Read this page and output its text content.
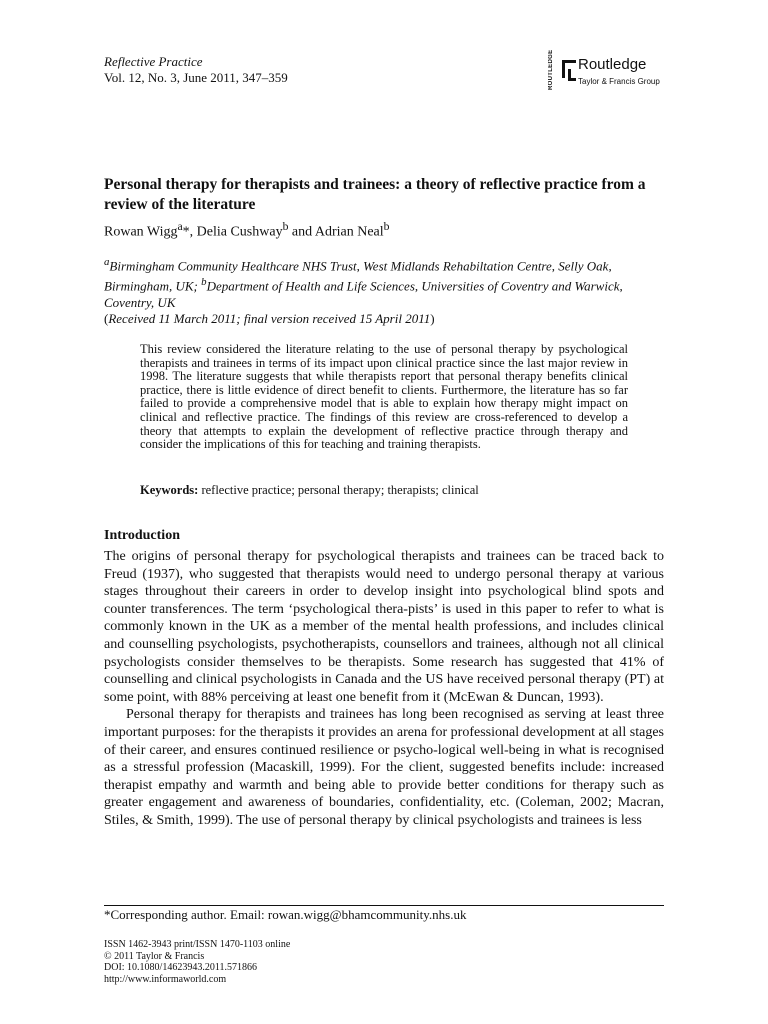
Reflective Practice
Vol. 12, No. 3, June 2011, 347–359	ROUTLEDGE	Routledge
Taylor & Francis Group
Personal therapy for therapists and trainees: a theory of reflective practice from a review of the literature
Rowan Wigg$^a$*, Delia Cushway$^b$ and Adrian Neal$^b$
$^a$Birmingham Community Healthcare NHS Trust, West Midlands Rehabiltation Centre, Selly Oak, Birmingham, UK; $^b$Department of Health and Life Sciences, Universities of Coventry and Warwick, Coventry, UK
(Received 11 March 2011; final version received 15 April 2011)
This review considered the literature relating to the use of personal therapy by psychological therapists and trainees in terms of its impact upon clinical practice since the last major review in 1998. The literature suggests that while therapists report that personal therapy benefits clinical practice, there is little evidence of direct benefit to clients. Furthermore, the literature has so far failed to provide a comprehensive model that is able to explain how therapy might impact on clinical and reflective practice. The findings of this review are cross-referenced to develop a theory that attempts to explain the development of reflective practice through therapy and consider the implications of this for teaching and training therapists.
Keywords: reflective practice; personal therapy; therapists; clinical
Introduction

The origins of personal therapy for psychological therapists and trainees can be traced back to Freud (1937), who suggested that therapists would need to undergo personal therapy at various stages throughout their careers in order to develop insight into psychological blind spots and counter transferences. The term ‘psychological thera-pists’ is used in this paper to refer to what is commonly known in the UK as a member of the mental health professions, and includes clinical and counselling psychologists, psychotherapists, counsellors and trainees, although not all clinical psychologists consider themselves to be therapists. Some research has suggested that 41% of counselling and clinical psychologists in Canada and the US have received personal therapy (PT) at some point, with 88% perceiving at least one benefit from it (McEwan & Duncan, 1993).

Personal therapy for therapists and trainees has long been recognised as serving at least three important purposes: for the therapists it provides an arena for professional development at all stages of their career, and ensures continued resilience or psycho-logical well-being in what is recognised as a stressful profession (Macaskill, 1999). For the client, suggested benefits include: increased therapist empathy and warmth and being able to provide better conditions for therapy such as greater engagement and awareness of boundaries, confidentiality, etc. (Coleman, 2002; Macran, Stiles, & Smith, 1999). The use of personal therapy by clinical psychologists and trainees is less

*Corresponding author. Email: rowan.wigg@bhamcommunity.nhs.uk
ISSN 1462-3943 print/ISSN 1470-1103 online
© 2011 Taylor & Francis
DOI: 10.1080/14623943.2011.571866
http://www.informaworld.com
